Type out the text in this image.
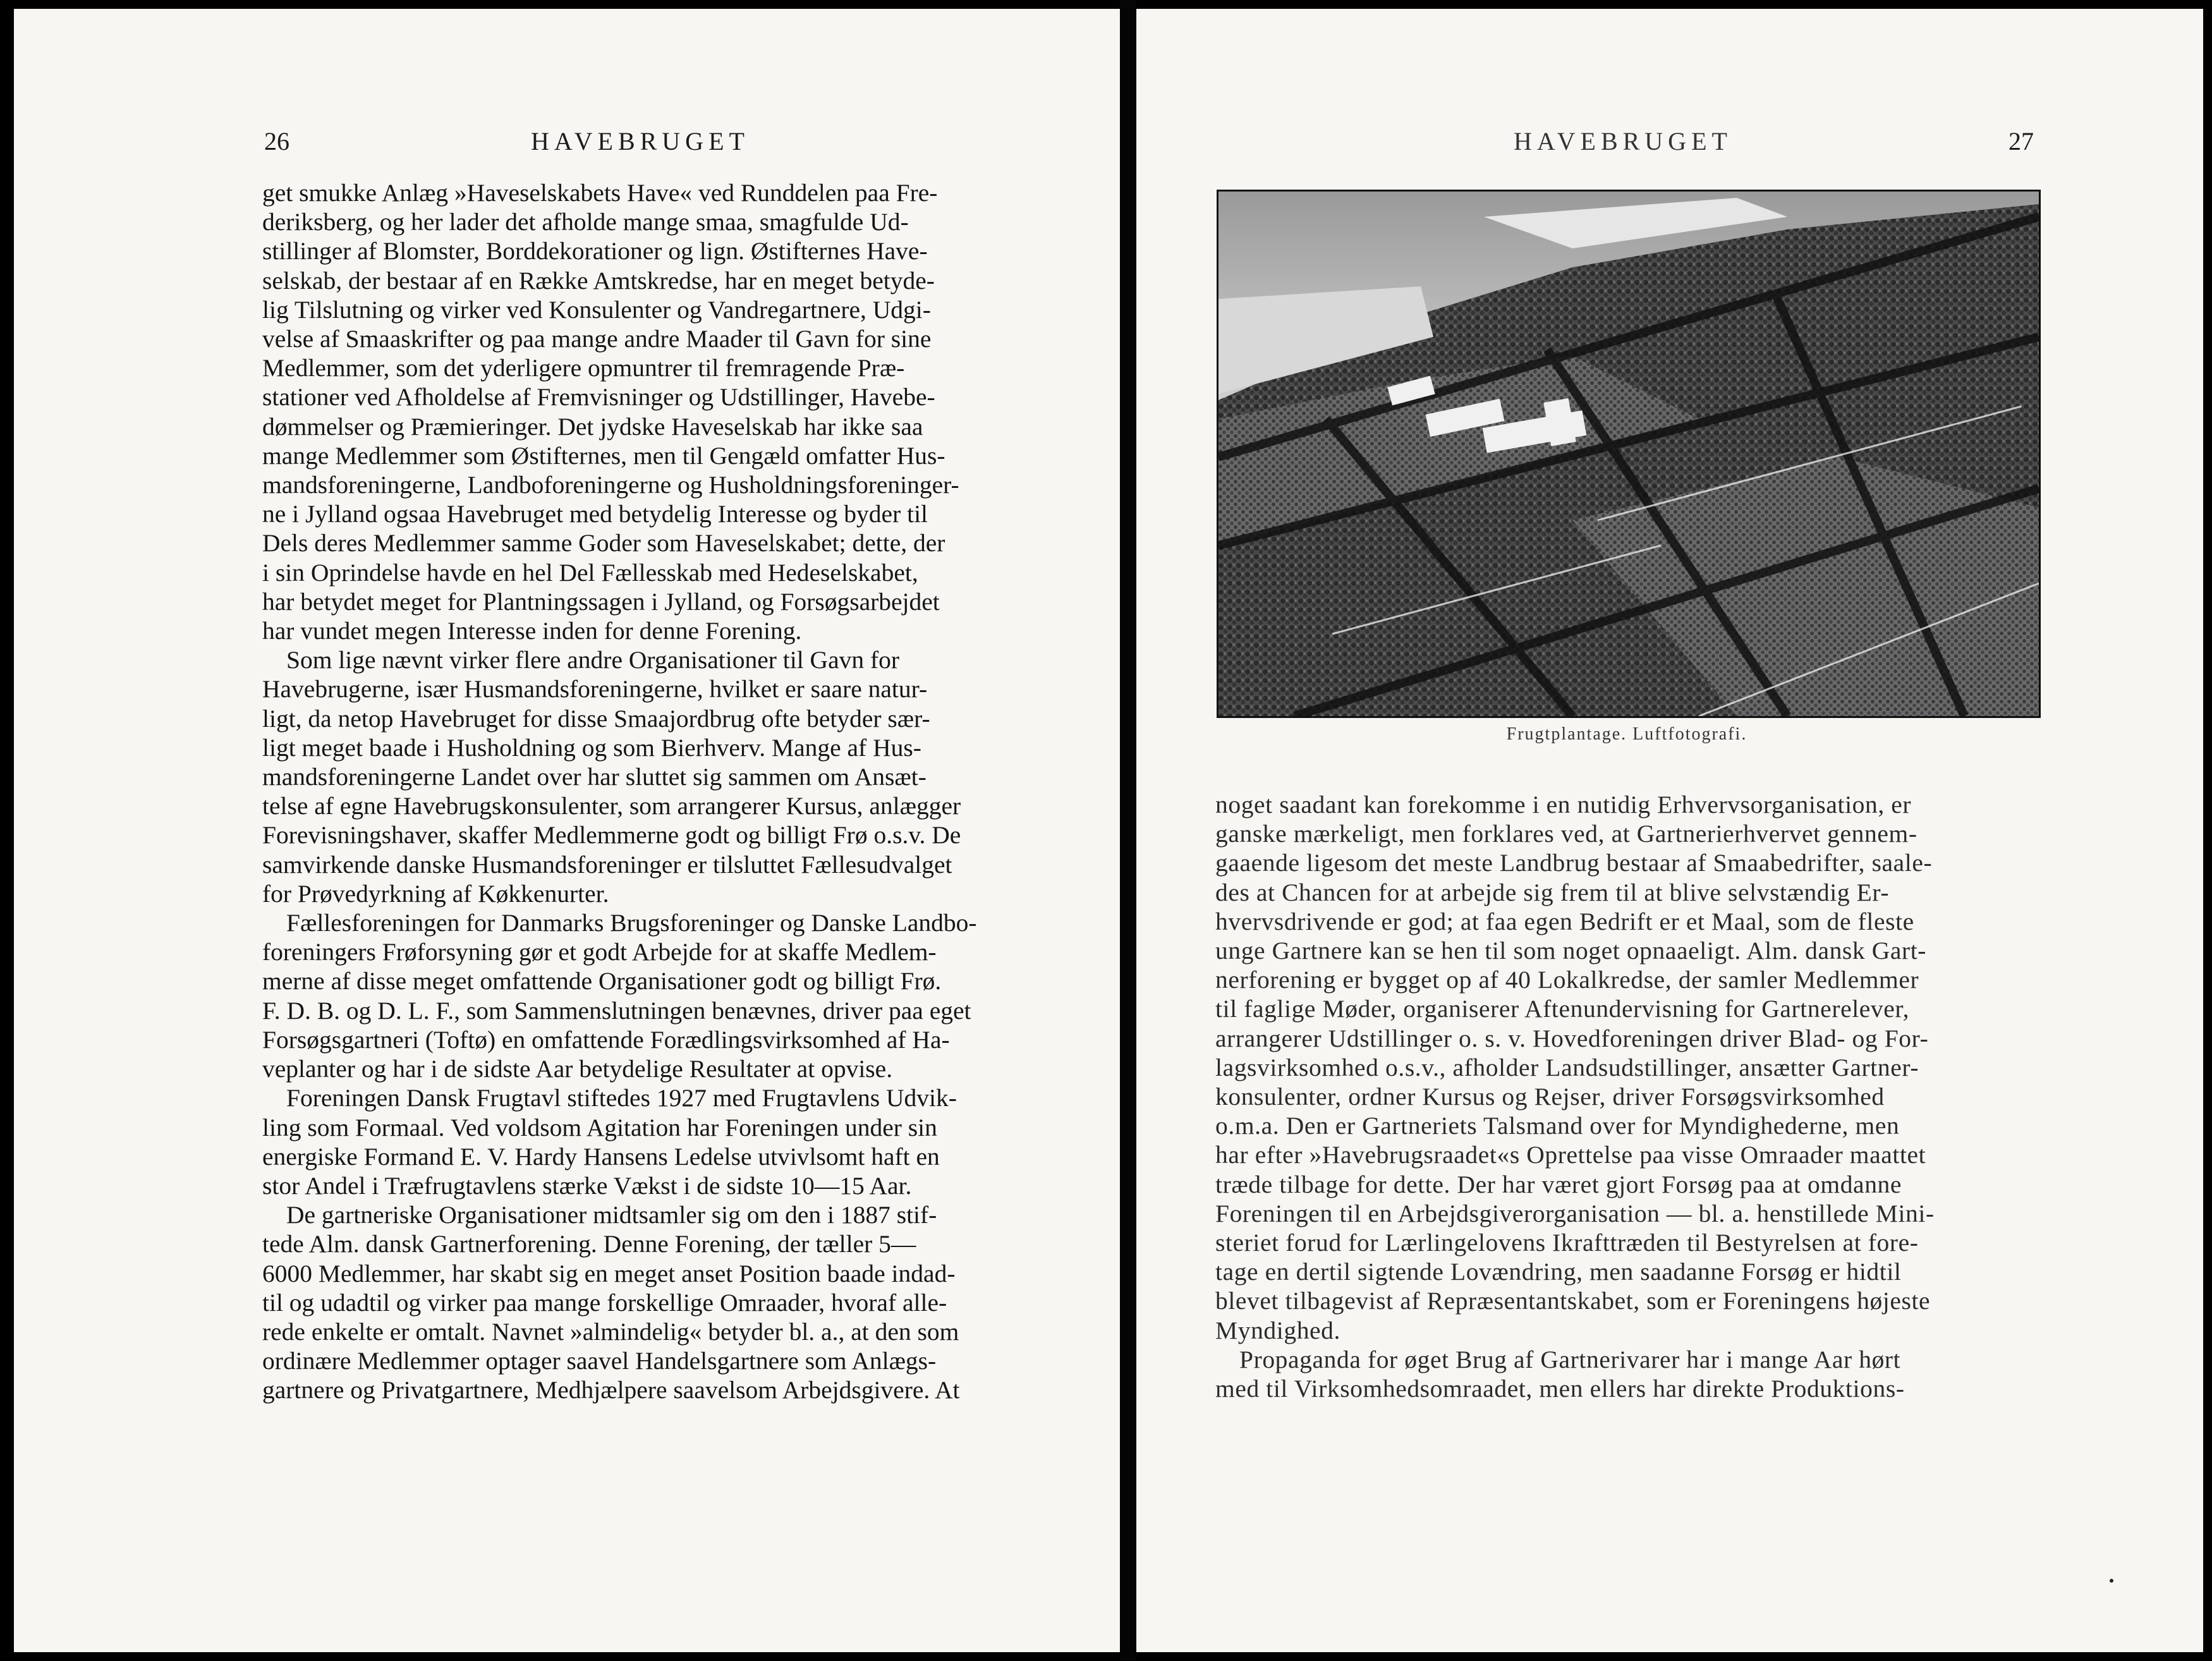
26	HAVEBRUGET

get smukke Anlæg »Haveselskabets Have« ved Runddelen paa Fre-
deriksberg, og her lader det afholde mange smaa, smagfulde Ud-
stillinger af Blomster, Borddekorationer og lign. Østifternes Have-
selskab, der bestaar af en Række Amtskredse, har en meget betyde-
lig Tilslutning og virker ved Konsulenter og Vandregartnere, Udgi-
velse af Smaaskrifter og paa mange andre Maader til Gavn for sine
Medlemmer, som det yderligere opmuntrer til fremragende Præ-
stationer ved Afholdelse af Fremvisninger og Udstillinger, Havebe-
dømmelser og Præmieringer. Det jydske Haveselskab har ikke saa
mange Medlemmer som Østifternes, men til Gengæld omfatter Hus-
mandsforeningerne, Landboforeningerne og Husholdningsforeninger-
ne i Jylland ogsaa Havebruget med betydelig Interesse og byder til
Dels deres Medlemmer samme Goder som Haveselskabet; dette, der
i sin Oprindelse havde en hel Del Fællesskab med Hedeselskabet,
har betydet meget for Plantningssagen i Jylland, og Forsøgsarbejdet
har vundet megen Interesse inden for denne Forening.

Som lige nævnt virker flere andre Organisationer til Gavn for
Havebrugerne, især Husmandsforeningerne, hvilket er saare natur-
ligt, da netop Havebruget for disse Smaajordbrug ofte betyder sær-
ligt meget baade i Husholdning og som Bierhverv. Mange af Hus-
mandsforeningerne Landet over har sluttet sig sammen om Ansæt-
telse af egne Havebrugskonsulenter, som arrangerer Kursus, anlægger
Forevisningshaver, skaffer Medlemmerne godt og billigt Frø o.s.v. De
samvirkende danske Husmandsforeninger er tilsluttet Fællesudvalget
for Prøvedyrkning af Køkkenurter.

Fællesforeningen for Danmarks Brugsforeninger og Danske Landbo-
foreningers Frøforsyning gør et godt Arbejde for at skaffe Medlem-
merne af disse meget omfattende Organisationer godt og billigt Frø.
F. D. B. og D. L. F., som Sammenslutningen benævnes, driver paa eget
Forsøgsgartneri (Toftø) en omfattende Forædlingsvirksomhed af Ha-
veplanter og har i de sidste Aar betydelige Resultater at opvise.

Foreningen Dansk Frugtavl stiftedes 1927 med Frugtavlens Udvik-
ling som Formaal. Ved voldsom Agitation har Foreningen under sin
energiske Formand E. V. Hardy Hansens Ledelse utvivlsomt haft en
stor Andel i Træfrugtavlens stærke Vækst i de sidste 10—15 Aar.

De gartneriske Organisationer midtsamler sig om den i 1887 stif-
tede Alm. dansk Gartnerforening. Denne Forening, der tæller 5—
6000 Medlemmer, har skabt sig en meget anset Position baade indad-
til og udadtil og virker paa mange forskellige Omraader, hvoraf alle-
rede enkelte er omtalt. Navnet »almindelig« betyder bl. a., at den som
ordinære Medlemmer optager saavel Handelsgartnere som Anlægs-
gartnere og Privatgartnere, Medhjælpere saavelsom Arbejdsgivere. At

HAVEBRUGET	27
Frugtplantage. Luftfotografi.

noget saadant kan forekomme i en nutidig Erhvervsorganisation, er
ganske mærkeligt, men forklares ved, at Gartnerierhvervet gennem-
gaaende ligesom det meste Landbrug bestaar af Smaabedrifter, saale-
des at Chancen for at arbejde sig frem til at blive selvstændig Er-
hvervsdrivende er god; at faa egen Bedrift er et Maal, som de fleste
unge Gartnere kan se hen til som noget opnaaeligt. Alm. dansk Gart-
nerforening er bygget op af 40 Lokalkredse, der samler Medlemmer
til faglige Møder, organiserer Aftenundervisning for Gartnerelever,
arrangerer Udstillinger o. s. v. Hovedforeningen driver Blad- og For-
lagsvirksomhed o.s.v., afholder Landsudstillinger, ansætter Gartner-
konsulenter, ordner Kursus og Rejser, driver Forsøgsvirksomhed
o.m.a. Den er Gartneriets Talsmand over for Myndighederne, men
har efter »Havebrugsraadet«s Oprettelse paa visse Omraader maattet
træde tilbage for dette. Der har været gjort Forsøg paa at omdanne
Foreningen til en Arbejdsgiverorganisation — bl. a. henstillede Mini-
steriet forud for Lærlingelovens Ikrafttræden til Bestyrelsen at fore-
tage en dertil sigtende Lovændring, men saadanne Forsøg er hidtil
blevet tilbagevist af Repræsentantskabet, som er Foreningens højeste
Myndighed.

Propaganda for øget Brug af Gartnerivarer har i mange Aar hørt
med til Virksomhedsomraadet, men ellers har direkte Produktions-
